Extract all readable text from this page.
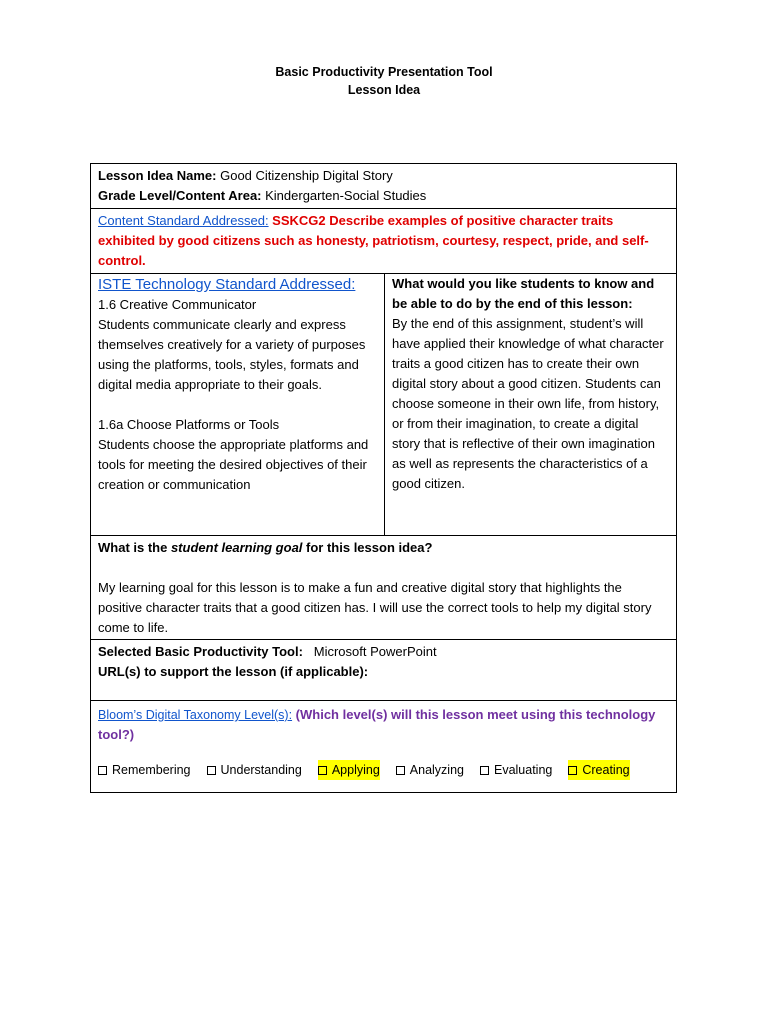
Basic Productivity Presentation Tool
Lesson Idea
Lesson Idea Name: Good Citizenship Digital Story
Grade Level/Content Area: Kindergarten-Social Studies
Content Standard Addressed: SSKCG2 Describe examples of positive character traits exhibited by good citizens such as honesty, patriotism, courtesy, respect, pride, and self-control.
ISTE Technology Standard Addressed:
1.6 Creative Communicator
Students communicate clearly and express themselves creatively for a variety of purposes using the platforms, tools, styles, formats and digital media appropriate to their goals.
1.6a Choose Platforms or Tools
Students choose the appropriate platforms and tools for meeting the desired objectives of their creation or communication
What would you like students to know and be able to do by the end of this lesson:
By the end of this assignment, student’s will have applied their knowledge of what character traits a good citizen has to create their own digital story about a good citizen. Students can choose someone in their own life, from history, or from their imagination, to create a digital story that is reflective of their own imagination as well as represents the characteristics of a good citizen.
What is the student learning goal for this lesson idea?
My learning goal for this lesson is to make a fun and creative digital story that highlights the positive character traits that a good citizen has. I will use the correct tools to help my digital story come to life.
Selected Basic Productivity Tool:   Microsoft PowerPoint
URL(s) to support the lesson (if applicable):
Bloom’s Digital Taxonomy Level(s): (Which level(s) will this lesson meet using this technology tool?)
Remembering Understanding Applying Analyzing Evaluating Creating
